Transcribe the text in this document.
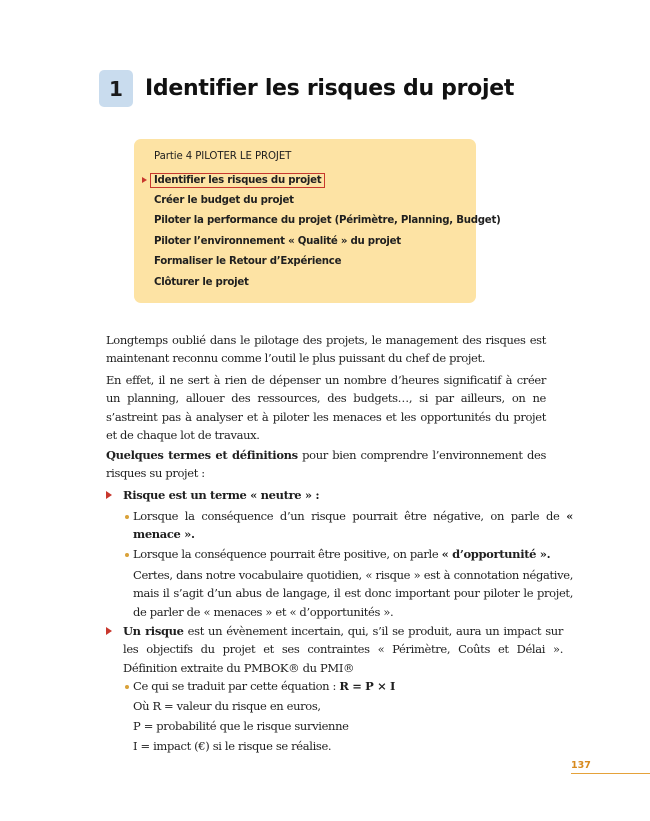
1	Identifier les risques du projet
Partie 4 PILOTER LE PROJET
Identifier les risques du projet
Créer le budget du projet
Piloter la performance du projet (Périmètre, Planning, Budget)
Piloter l’environnement « Qualité » du projet
Formaliser le Retour d’Expérience
Clôturer le projet
Longtemps oublié dans le pilotage des projets, le management des risques est maintenant reconnu comme l’outil le plus puissant du chef de projet.
En effet, il ne sert à rien de dépenser un nombre d’heures significatif à créer un planning, allouer des ressources, des budgets…, si par ailleurs, on ne s’astreint pas à analyser et à piloter les menaces et les opportunités du projet et de chaque lot de travaux.
Quelques termes et définitions pour bien comprendre l’environnement des risques su projet :
Risque est un terme « neutre » :
Lorsque la conséquence d’un risque pourrait être négative, on parle de « menace ».
Lorsque la conséquence pourrait être positive, on parle « d’opportunité ».
Certes, dans notre vocabulaire quotidien, « risque » est à connotation négative, mais il s’agit d’un abus de langage, il est donc important pour piloter le projet, de parler de « menaces » et « d’opportunités ».
Un risque est un évènement incertain, qui, s’il se produit, aura un impact sur les objectifs du projet et ses contraintes « Périmètre, Coûts et Délai ». Définition extraite du PMBOK® du PMI®
Ce qui se traduit par cette équation : R = P × I
Où R = valeur du risque en euros,
P = probabilité que le risque survienne
I = impact (€) si le risque se réalise.
137
